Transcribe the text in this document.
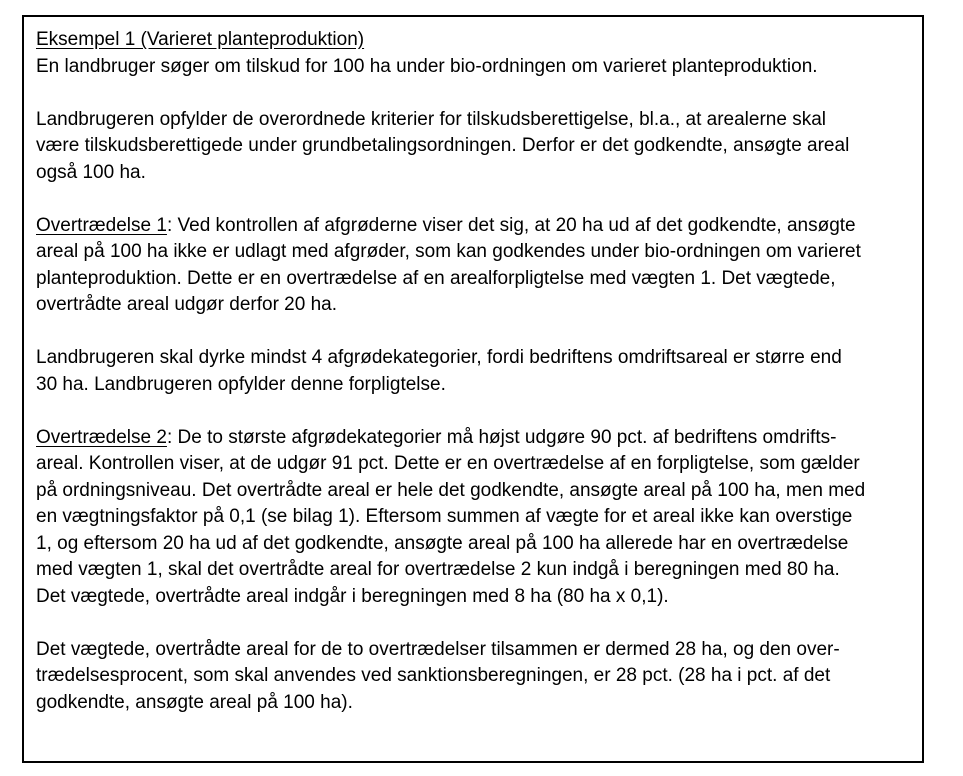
Eksempel 1 (Varieret planteproduktion)
En landbruger søger om tilskud for 100 ha under bio-ordningen om varieret planteproduktion.
Landbrugeren opfylder de overordnede kriterier for tilskudsberettigelse, bl.a., at arealerne skal
være tilskudsberettigede under grundbetalingsordningen. Derfor er det godkendte, ansøgte areal
også 100 ha.
Overtrædelse 1: Ved kontrollen af afgrøderne viser det sig, at 20 ha ud af det godkendte, ansøgte
areal på 100 ha ikke er udlagt med afgrøder, som kan godkendes under bio-ordningen om varieret
planteproduktion. Dette er en overtrædelse af en arealforpligtelse med vægten 1. Det vægtede,
overtrådte areal udgør derfor 20 ha.
Landbrugeren skal dyrke mindst 4 afgrødekategorier, fordi bedriftens omdriftsareal er større end
30 ha. Landbrugeren opfylder denne forpligtelse.
Overtrædelse 2: De to største afgrødekategorier må højst udgøre 90 pct. af bedriftens omdrifts-
areal. Kontrollen viser, at de udgør 91 pct. Dette er en overtrædelse af en forpligtelse, som gælder
på ordningsniveau. Det overtrådte areal er hele det godkendte, ansøgte areal på 100 ha, men med
en vægtningsfaktor på 0,1 (se bilag 1). Eftersom summen af vægte for et areal ikke kan overstige
1, og eftersom 20 ha ud af det godkendte, ansøgte areal på 100 ha allerede har en overtrædelse
med vægten 1, skal det overtrådte areal for overtrædelse 2 kun indgå i beregningen med 80 ha.
Det vægtede, overtrådte areal indgår i beregningen med 8 ha (80 ha x 0,1).
Det vægtede, overtrådte areal for de to overtrædelser tilsammen er dermed 28 ha, og den over-
trædelsesprocent, som skal anvendes ved sanktionsberegningen, er 28 pct. (28 ha i pct. af det
godkendte, ansøgte areal på 100 ha).
